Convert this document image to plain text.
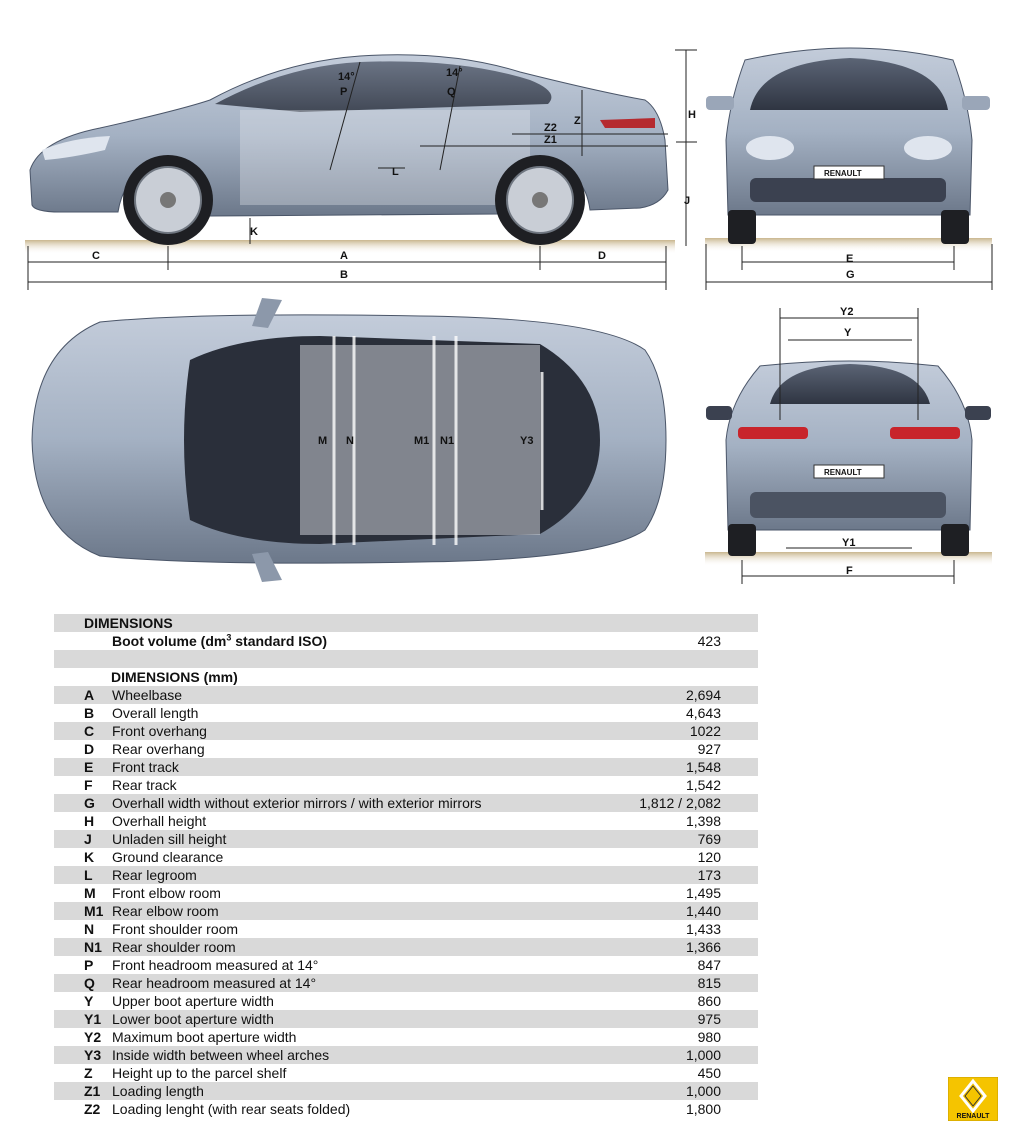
C	A	D
B
K
J
Z
Z2
Z1
L
P	Q
H
14°	14°
RENAULT
E
G
M N	M1 N1	Y3
RENAULT
Y2
Y
Y1
F
DIMENSIONS
Boot volume ($dm^3$ standard ISO)	423
DIMENSIONS (mm)
A Wheelbase	2,694
B Overall length	4,643
C Front overhang	1022
D Rear overhang	927
E Front track	1,548
F Rear track	1,542
G Overhall width without exterior mirrors / with exterior mirrors	1,812 / 2,082
H Overhall height	1,398
J Unladen sill height	769
K Ground clearance	120
L Rear legroom	173
M Front elbow room	1,495
M1 Rear elbow room	1,440
N Front shoulder room	1,433
N1 Rear shoulder room	1,366
P Front headroom measured at 14°	847
Q Rear headroom measured at 14°	815
Y Upper boot aperture width	860
Y1 Lower boot aperture width	975
Y2 Maximum boot aperture width	980
Y3 Inside width between wheel arches	1,000
Z Height up to the parcel shelf	450
Z1 Loading length	1,000
Z2 Loading lenght (with rear seats folded)	1,800	RENAULT
